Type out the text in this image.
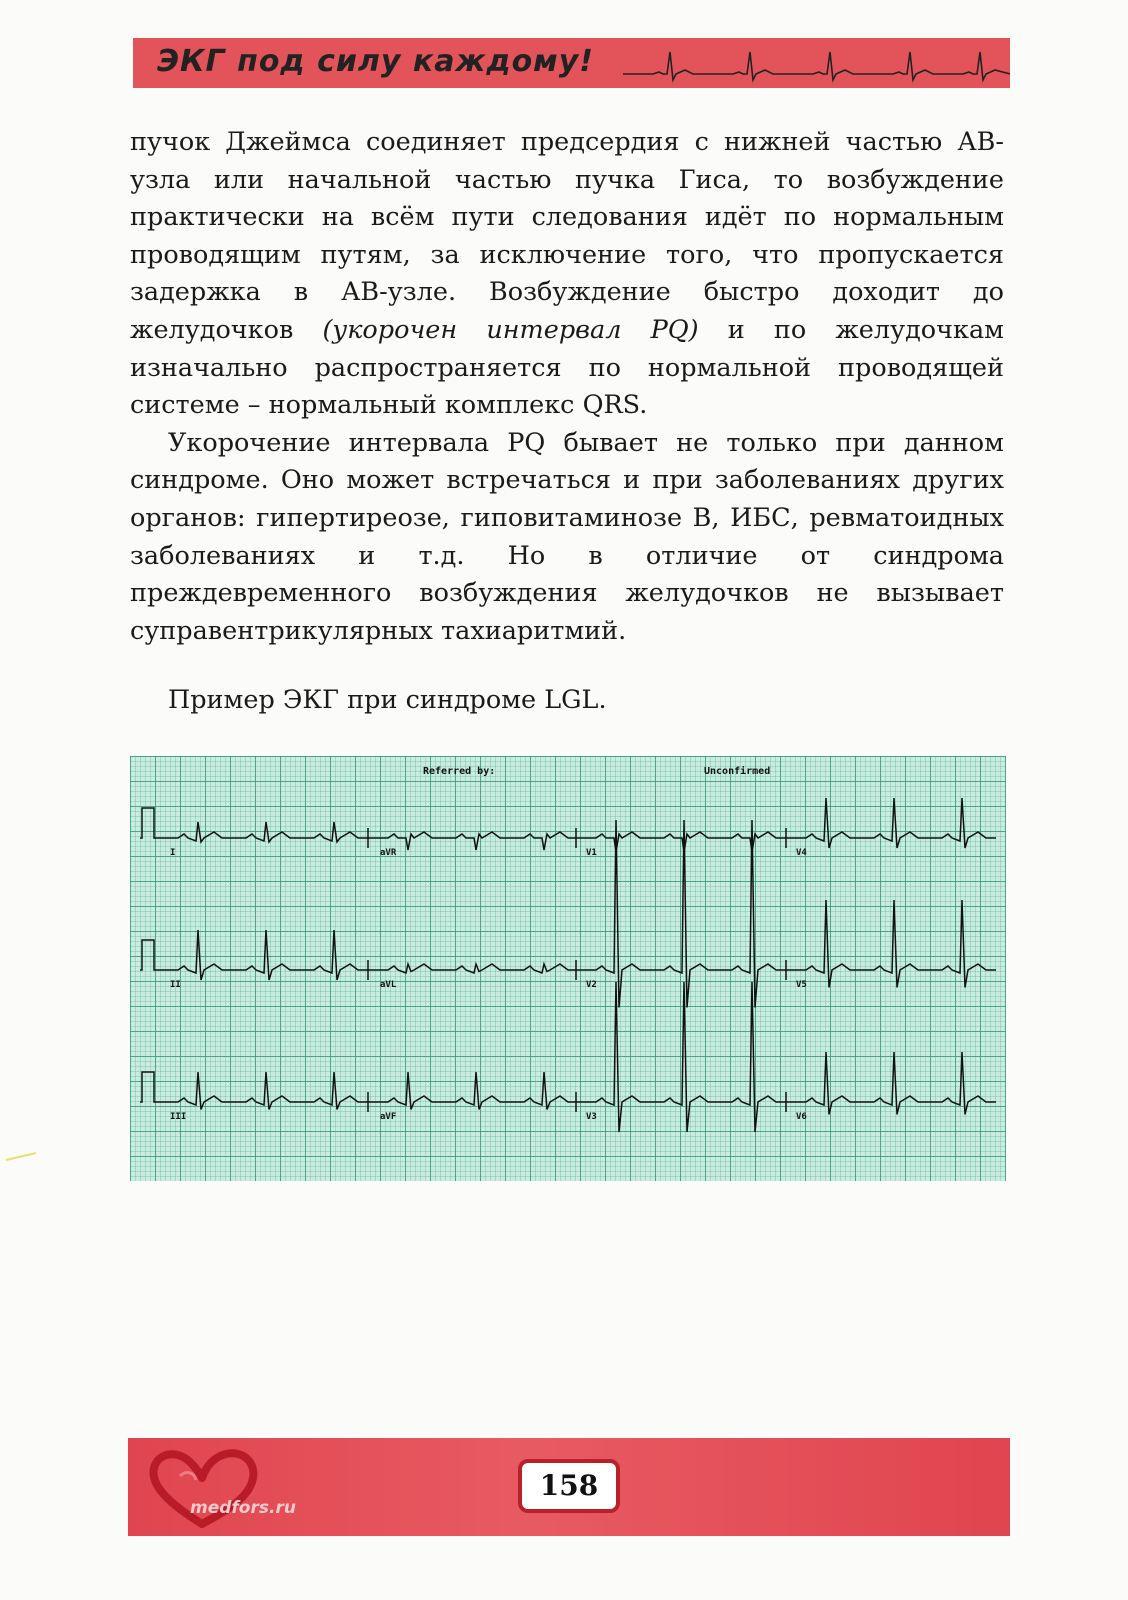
ЭКГ под силу каждому!

пучок Джеймса соединяет предсердия с нижней частью АВ-узла или начальной частью пучка Гиса, то возбуждение практически на всём пути следования идёт по нормальным проводящим путям, за исключение того, что пропускается задержка в АВ-узле. Возбуждение быстро доходит до желудочков (укорочен интервал PQ) и по желудочкам изначально распространяется по нормальной проводящей системе – нормальный комплекс QRS.

Укорочение интервала PQ бывает не только при данном синдроме. Оно может встречаться и при заболеваниях других органов: гипертиреозе, гиповитаминозе В, ИБС, ревматоидных заболеваниях и т.д. Но в отличие от синдрома преждевременного возбуждения желудочков не вызывает суправентрикулярных тахиаритмий.

Пример ЭКГ при синдроме LGL.
Referred by:	Unconfirmed
I	aVR	V1	V4
II	aVL	V2	V5
III	aVF	V3	V6
medfors.ru
158
